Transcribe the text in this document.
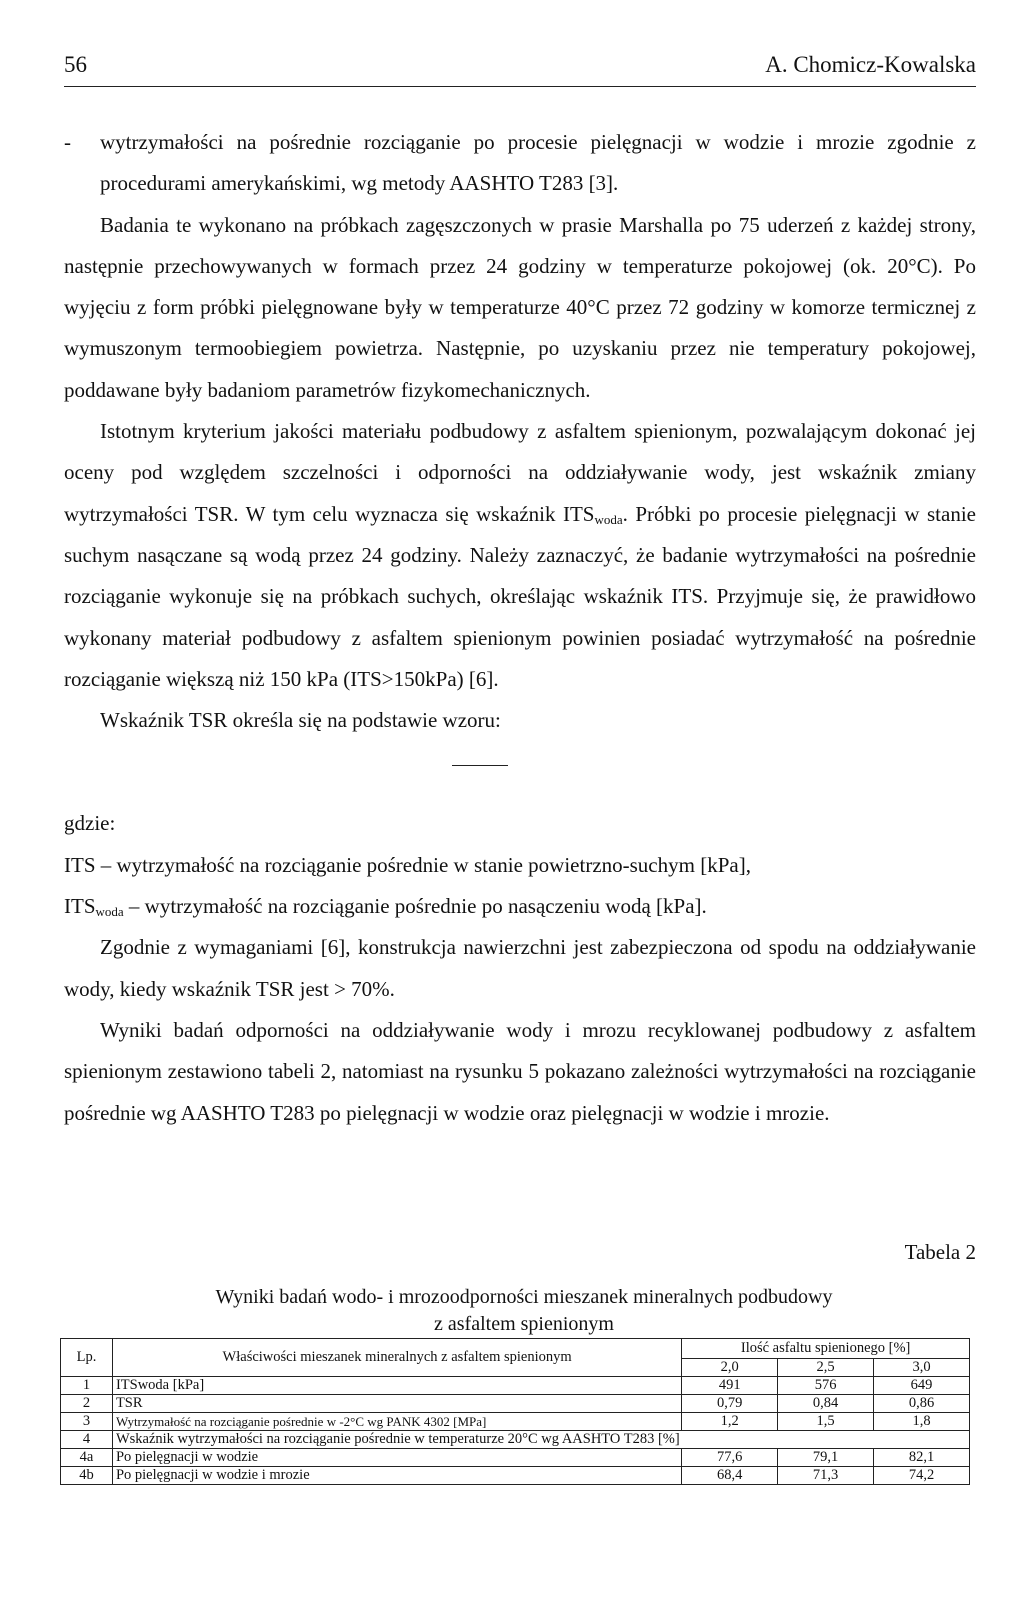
56	A. Chomicz-Kowalska

- wytrzymałości na pośrednie rozciąganie po procesie pielęgnacji w wodzie i mrozie zgodnie z procedurami amerykańskimi, wg metody AASHTO T283 [3].

Badania te wykonano na próbkach zagęszczonych w prasie Marshalla po 75 uderzeń z każdej strony, następnie przechowywanych w formach przez 24 godziny w temperaturze pokojowej (ok. 20°C). Po wyjęciu z form próbki pielęgnowane były w temperaturze 40°C przez 72 godziny w komorze termicznej z wymuszonym termoobiegiem powietrza. Następnie, po uzyskaniu przez nie temperatury pokojowej, poddawane były badaniom parametrów fizykomechanicznych.

Istotnym kryterium jakości materiału podbudowy z asfaltem spienionym, pozwalającym dokonać jej oceny pod względem szczelności i odporności na oddziaływanie wody, jest wskaźnik zmiany wytrzymałości TSR. W tym celu wyznacza się wskaźnik $ITS_{woda}$. Próbki po procesie pielęgnacji w stanie suchym nasączane są wodą przez 24 godziny. Należy zaznaczyć, że badanie wytrzymałości na pośrednie rozciąganie wykonuje się na próbkach suchych, określając wskaźnik ITS. Przyjmuje się, że prawidłowo wykonany materiał podbudowy z asfaltem spienionym powinien posiadać wytrzymałość na pośrednie rozciąganie większą niż 150 kPa (ITS>150kPa) [6].

Wskaźnik TSR określa się na podstawie wzoru:

gdzie:

ITS – wytrzymałość na rozciąganie pośrednie w stanie powietrzno-suchym [kPa],

$ITS_{woda}$ – wytrzymałość na rozciąganie pośrednie po nasączeniu wodą [kPa].

Zgodnie z wymaganiami [6], konstrukcja nawierzchni jest zabezpieczona od spodu na oddziaływanie wody, kiedy wskaźnik TSR jest > 70%.

Wyniki badań odporności na oddziaływanie wody i mrozu recyklowanej podbudowy z asfaltem spienionym zestawiono tabeli 2, natomiast na rysunku 5 pokazano zależności wytrzymałości na rozciąganie pośrednie wg AASHTO T283 po pielęgnacji w wodzie oraz pielęgnacji w wodzie i mrozie.

Tabela 2
Wyniki badań wodo- i mrozoodporności mieszanek mineralnych podbudowy z asfaltem spienionym
Lp.	Właściwości mieszanek mineralnych z asfaltem spienionym	Ilość asfaltu spienionego [%]		
		2,0	2,5	3,0
1	ITSwoda [kPa]	491	576	649
2	TSR	0,79	0,84	0,86
3	Wytrzymałość na rozciąganie pośrednie w -2°C wg PANK 4302 [MPa]	1,2	1,5	1,8
4	Wskaźnik wytrzymałości na rozciąganie pośrednie w temperaturze 20°C wg AASHTO T283 [%]			
4a	Po pielęgnacji w wodzie	77,6	79,1	82,1
4b	Po pielęgnacji w wodzie i mrozie	68,4	71,3	74,2
